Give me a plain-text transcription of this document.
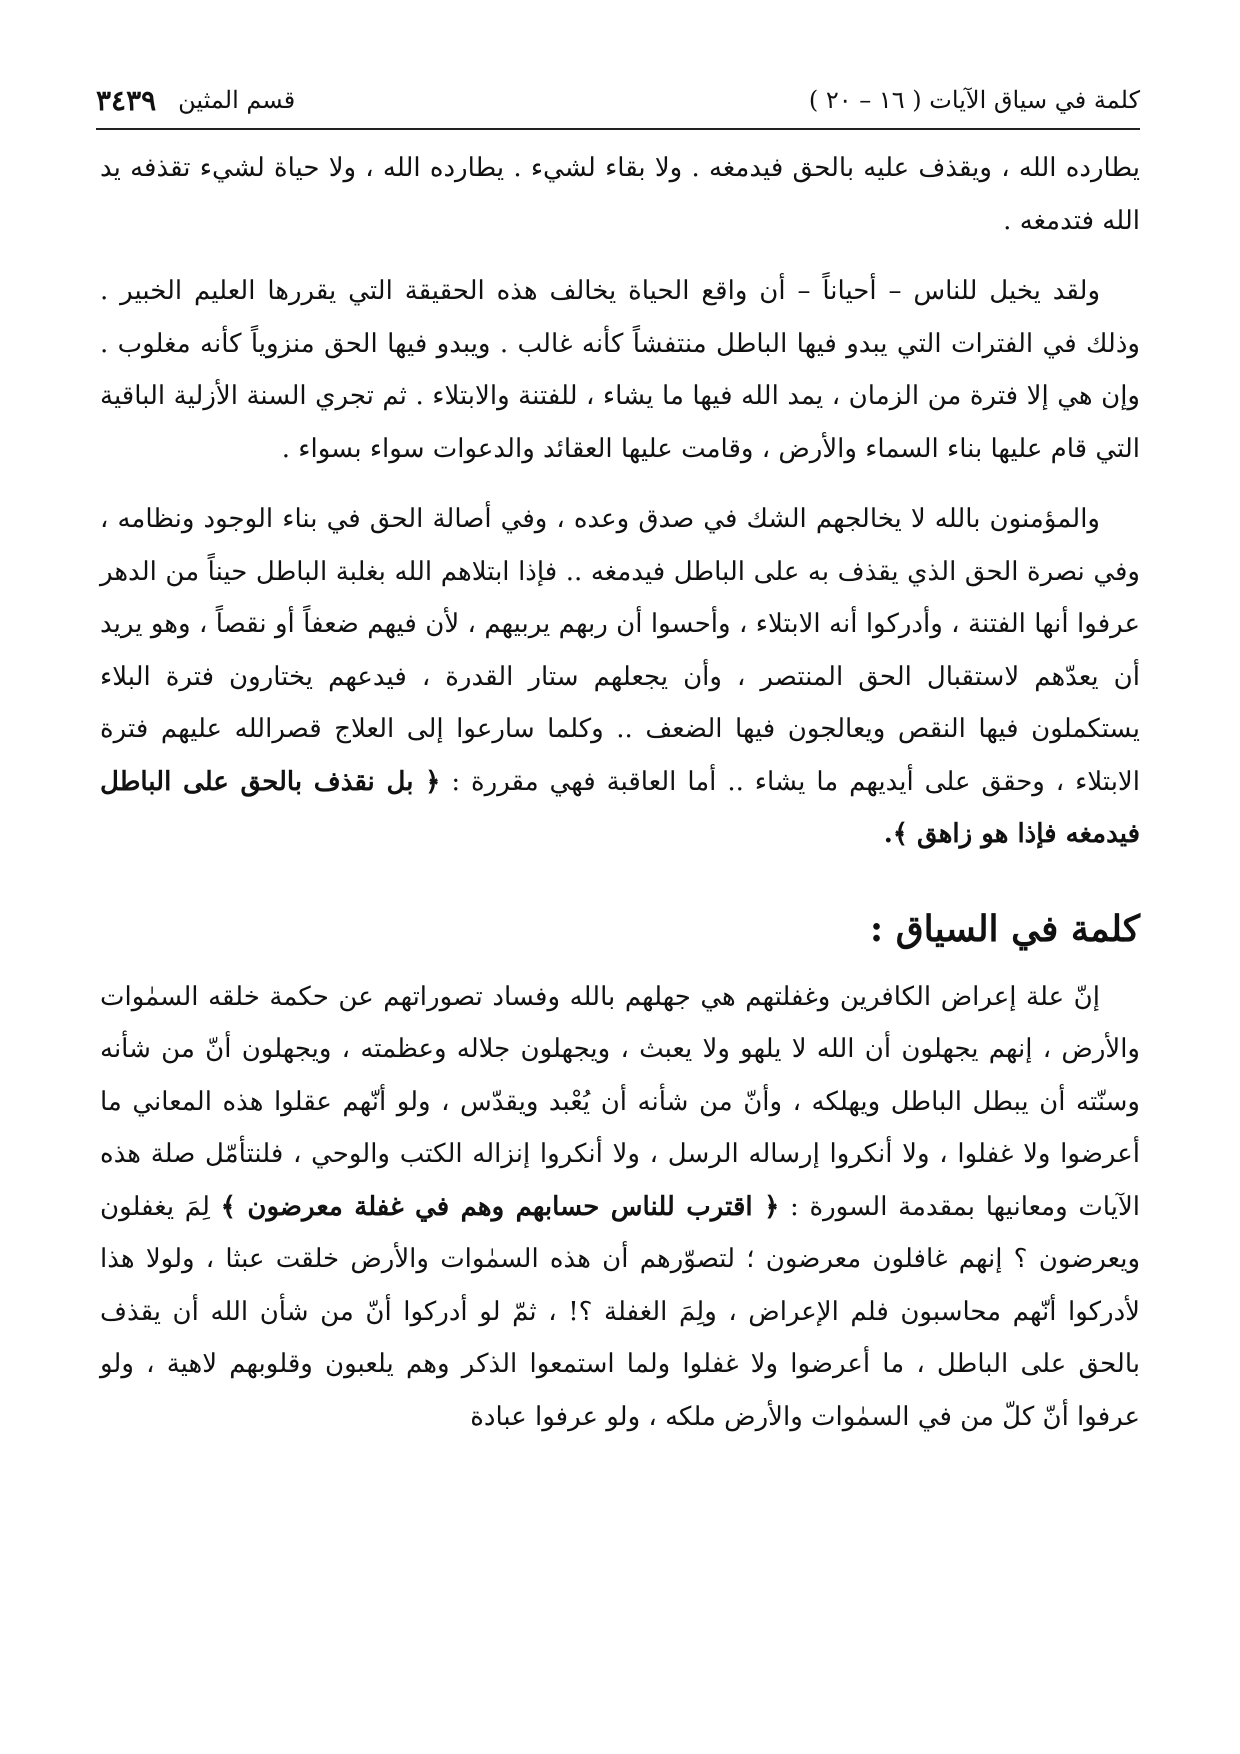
كلمة في سياق الآيات ( ١٦ – ٢٠ )
قسم المثين
٣٤٣٩

يطارده الله ، ويقذف عليه بالحق فيدمغه . ولا بقاء لشيء . يطارده الله ، ولا حياة لشيء تقذفه يد الله فتدمغه .

ولقد يخيل للناس – أحياناً – أن واقع الحياة يخالف هذه الحقيقة التي يقررها العليم الخبير . وذلك في الفترات التي يبدو فيها الباطل منتفشاً كأنه غالب . ويبدو فيها الحق منزوياً كأنه مغلوب . وإن هي إلا فترة من الزمان ، يمد الله فيها ما يشاء ، للفتنة والابتلاء . ثم تجري السنة الأزلية الباقية التي قام عليها بناء السماء والأرض ، وقامت عليها العقائد والدعوات سواء بسواء .

والمؤمنون بالله لا يخالجهم الشك في صدق وعده ، وفي أصالة الحق في بناء الوجود ونظامه ، وفي نصرة الحق الذي يقذف به على الباطل فيدمغه .. فإذا ابتلاهم الله بغلبة الباطل حيناً من الدهر عرفوا أنها الفتنة ، وأدركوا أنه الابتلاء ، وأحسوا أن ربهم يربيهم ، لأن فيهم ضعفاً أو نقصاً ، وهو يريد أن يعدّهم لاستقبال الحق المنتصر ، وأن يجعلهم ستار القدرة ، فيدعهم يختارون فترة البلاء يستكملون فيها النقص ويعالجون فيها الضعف .. وكلما سارعوا إلى العلاج قصرالله عليهم فترة الابتلاء ، وحقق على أيديهم ما يشاء .. أما العاقبة فهي مقررة : ﴿ بل نقذف بالحق على الباطل فيدمغه فإذا هو زاهق ﴾.

كلمة في السياق :

إنّ علة إعراض الكافرين وغفلتهم هي جهلهم بالله وفساد تصوراتهم عن حكمة خلقه السمٰوات والأرض ، إنهم يجهلون أن الله لا يلهو ولا يعبث ، ويجهلون جلاله وعظمته ، ويجهلون أنّ من شأنه وسنّته أن يبطل الباطل ويهلكه ، وأنّ من شأنه أن يُعْبد ويقدّس ، ولو أنّهم عقلوا هذه المعاني ما أعرضوا ولا غفلوا ، ولا أنكروا إرساله الرسل ، ولا أنكروا إنزاله الكتب والوحي ، فلنتأمّل صلة هذه الآيات ومعانيها بمقدمة السورة : ﴿ اقترب للناس حسابهم وهم في غفلة معرضون ﴾ لِمَ يغفلون ويعرضون ؟ إنهم غافلون معرضون ؛ لتصوّرهم أن هذه السمٰوات والأرض خلقت عبثا ، ولولا هذا لأدركوا أنّهم محاسبون فلم الإعراض ، ولِمَ الغفلة ؟! ، ثمّ لو أدركوا أنّ من شأن الله أن يقذف بالحق على الباطل ، ما أعرضوا ولا غفلوا ولما استمعوا الذكر وهم يلعبون وقلوبهم لاهية ، ولو عرفوا أنّ كلّ من في السمٰوات والأرض ملكه ، ولو عرفوا عبادة
